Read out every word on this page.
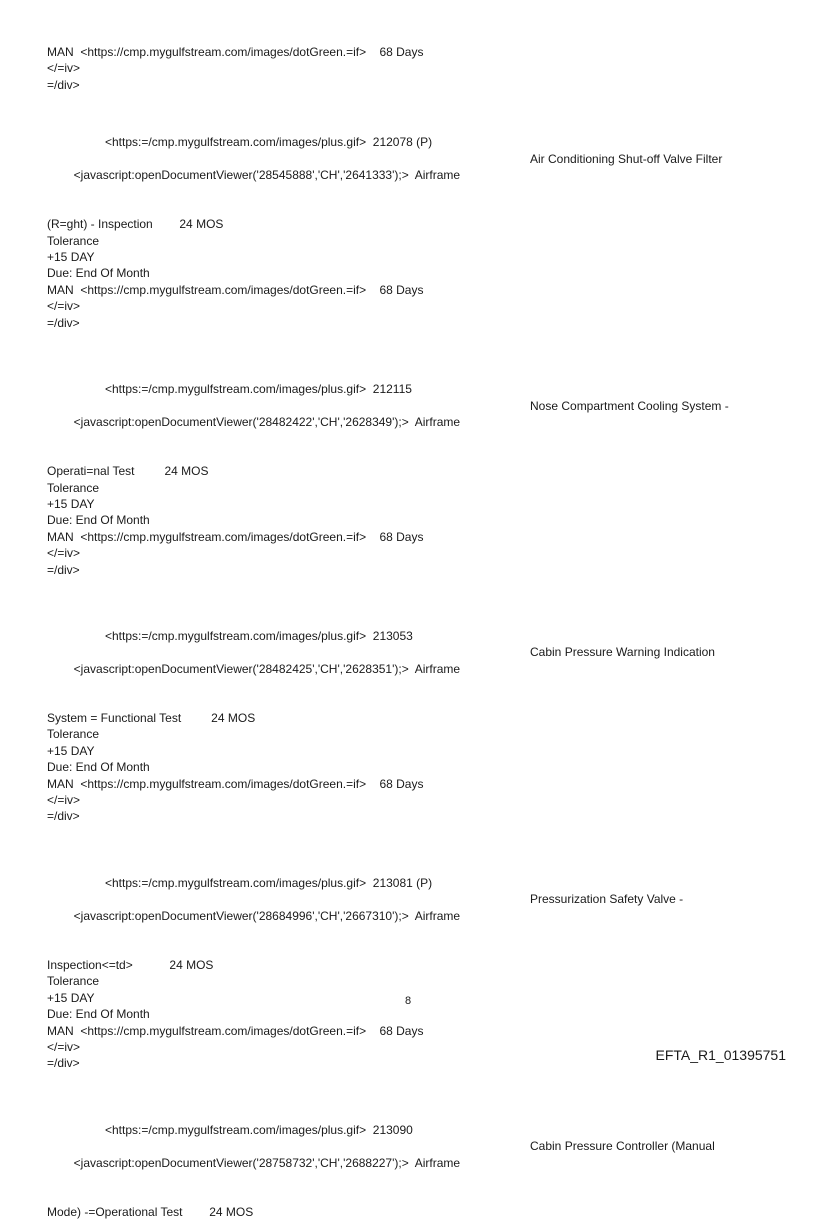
MAN  <https://cmp.mygulfstream.com/images/dotGreen.=if>    68 Days
</=iv>
=/div>
<https:=/cmp.mygulfstream.com/images/plus.gif>  212078 (P)

<javascript:openDocumentViewer('28545888','CH','2641333');>  Airframe

Air Conditioning Shut-off Valve Filter

(R=ght) - Inspection        24 MOS
Tolerance
+15 DAY
Due: End Of Month
MAN  <https://cmp.mygulfstream.com/images/dotGreen.=if>    68 Days
</=iv>
=/div>
<https:=/cmp.mygulfstream.com/images/plus.gif>  212115

<javascript:openDocumentViewer('28482422','CH','2628349');>  Airframe

Nose Compartment Cooling System -

Operati=nal Test         24 MOS
Tolerance
+15 DAY
Due: End Of Month
MAN  <https://cmp.mygulfstream.com/images/dotGreen.=if>    68 Days
</=iv>
=/div>
<https:=/cmp.mygulfstream.com/images/plus.gif>  213053

<javascript:openDocumentViewer('28482425','CH','2628351');>  Airframe

Cabin Pressure Warning Indication

System = Functional Test         24 MOS
Tolerance
+15 DAY
Due: End Of Month
MAN  <https://cmp.mygulfstream.com/images/dotGreen.=if>    68 Days
</=iv>
=/div>
<https:=/cmp.mygulfstream.com/images/plus.gif>  213081 (P)

<javascript:openDocumentViewer('28684996','CH','2667310');>  Airframe

Pressurization Safety Valve -

Inspection<=td>           24 MOS
Tolerance
+15 DAY
Due: End Of Month
MAN  <https://cmp.mygulfstream.com/images/dotGreen.=if>    68 Days
</=iv>
=/div>
<https:=/cmp.mygulfstream.com/images/plus.gif>  213090

<javascript:openDocumentViewer('28758732','CH','2688227');>  Airframe

Cabin Pressure Controller (Manual

Mode) -=Operational Test        24 MOS
8
EFTA_R1_01395751
